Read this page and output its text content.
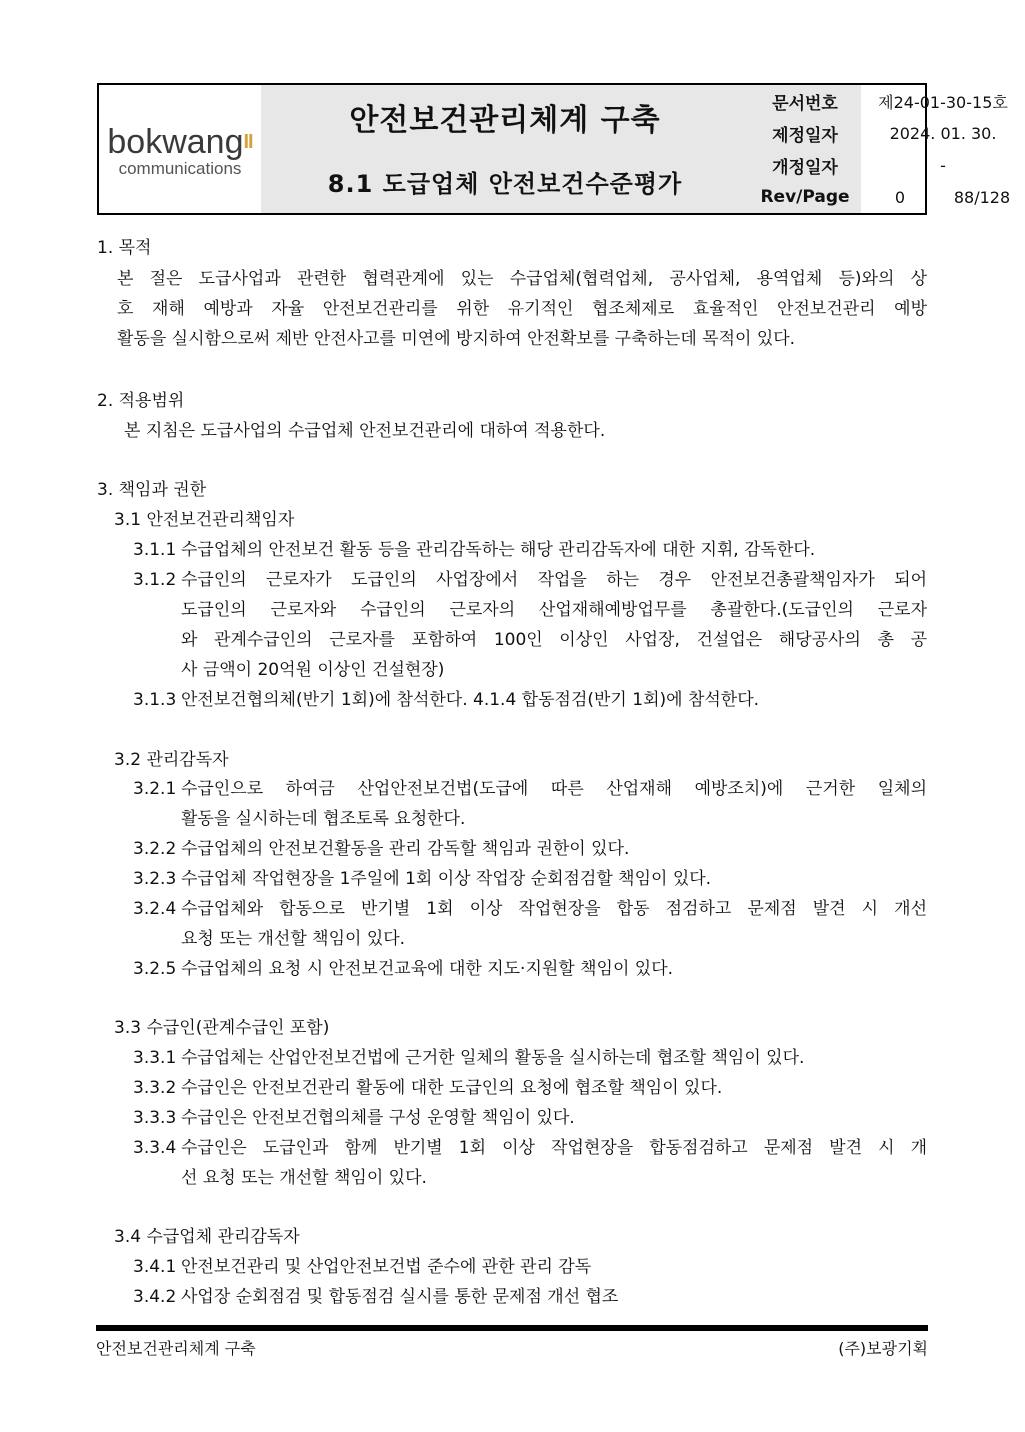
bokwang$^{II}$
communications
안전보건관리체계 구축
8.1 도급업체 안전보건수준평가
문서번호	제24-01-30-15호
제정일자	2024. 01. 30.
개정일자	-
Rev/Page	0	88/128
1. 목적
본 절은 도급사업과 관련한 협력관계에 있는 수급업체(협력업체, 공사업체, 용역업체 등)와의 상
호 재해 예방과 자율 안전보건관리를 위한 유기적인 협조체제로 효율적인 안전보건관리 예방
활동을 실시함으로써 제반 안전사고를 미연에 방지하여 안전확보를 구축하는데 목적이 있다.
2. 적용범위
본 지침은 도급사업의 수급업체 안전보건관리에 대하여 적용한다.
3. 책임과 권한
3.1 안전보건관리책임자
3.1.1 수급업체의 안전보건 활동 등을 관리감독하는 해당 관리감독자에 대한 지휘, 감독한다.
3.1.2 수급인의 근로자가 도급인의 사업장에서 작업을 하는 경우 안전보건총괄책임자가 되어
도급인의 근로자와 수급인의 근로자의 산업재해예방업무를 총괄한다.(도급인의 근로자
와 관계수급인의 근로자를 포함하여 100인 이상인 사업장, 건설업은 해당공사의 총 공
사 금액이 20억원 이상인 건설현장)
3.1.3 안전보건협의체(반기 1회)에 참석한다. 4.1.4 합동점검(반기 1회)에 참석한다.
3.2 관리감독자
3.2.1 수급인으로 하여금 산업안전보건법(도급에 따른 산업재해 예방조치)에 근거한 일체의
활동을 실시하는데 협조토록 요청한다.
3.2.2 수급업체의 안전보건활동을 관리 감독할 책임과 권한이 있다.
3.2.3 수급업체 작업현장을 1주일에 1회 이상 작업장 순회점검할 책임이 있다.
3.2.4 수급업체와 합동으로 반기별 1회 이상 작업현장을 합동 점검하고 문제점 발견 시 개선
요청 또는 개선할 책임이 있다.
3.2.5 수급업체의 요청 시 안전보건교육에 대한 지도·지원할 책임이 있다.
3.3 수급인(관계수급인 포함)
3.3.1 수급업체는 산업안전보건법에 근거한 일체의 활동을 실시하는데 협조할 책임이 있다.
3.3.2 수급인은 안전보건관리 활동에 대한 도급인의 요청에 협조할 책임이 있다.
3.3.3 수급인은 안전보건협의체를 구성 운영할 책임이 있다.
3.3.4 수급인은 도급인과 함께 반기별 1회 이상 작업현장을 합동점검하고 문제점 발견 시 개
선 요청 또는 개선할 책임이 있다.
3.4 수급업체 관리감독자
3.4.1 안전보건관리 및 산업안전보건법 준수에 관한 관리 감독
3.4.2 사업장 순회점검 및 합동점검 실시를 통한 문제점 개선 협조
안전보건관리체계 구축	(주)보광기획
